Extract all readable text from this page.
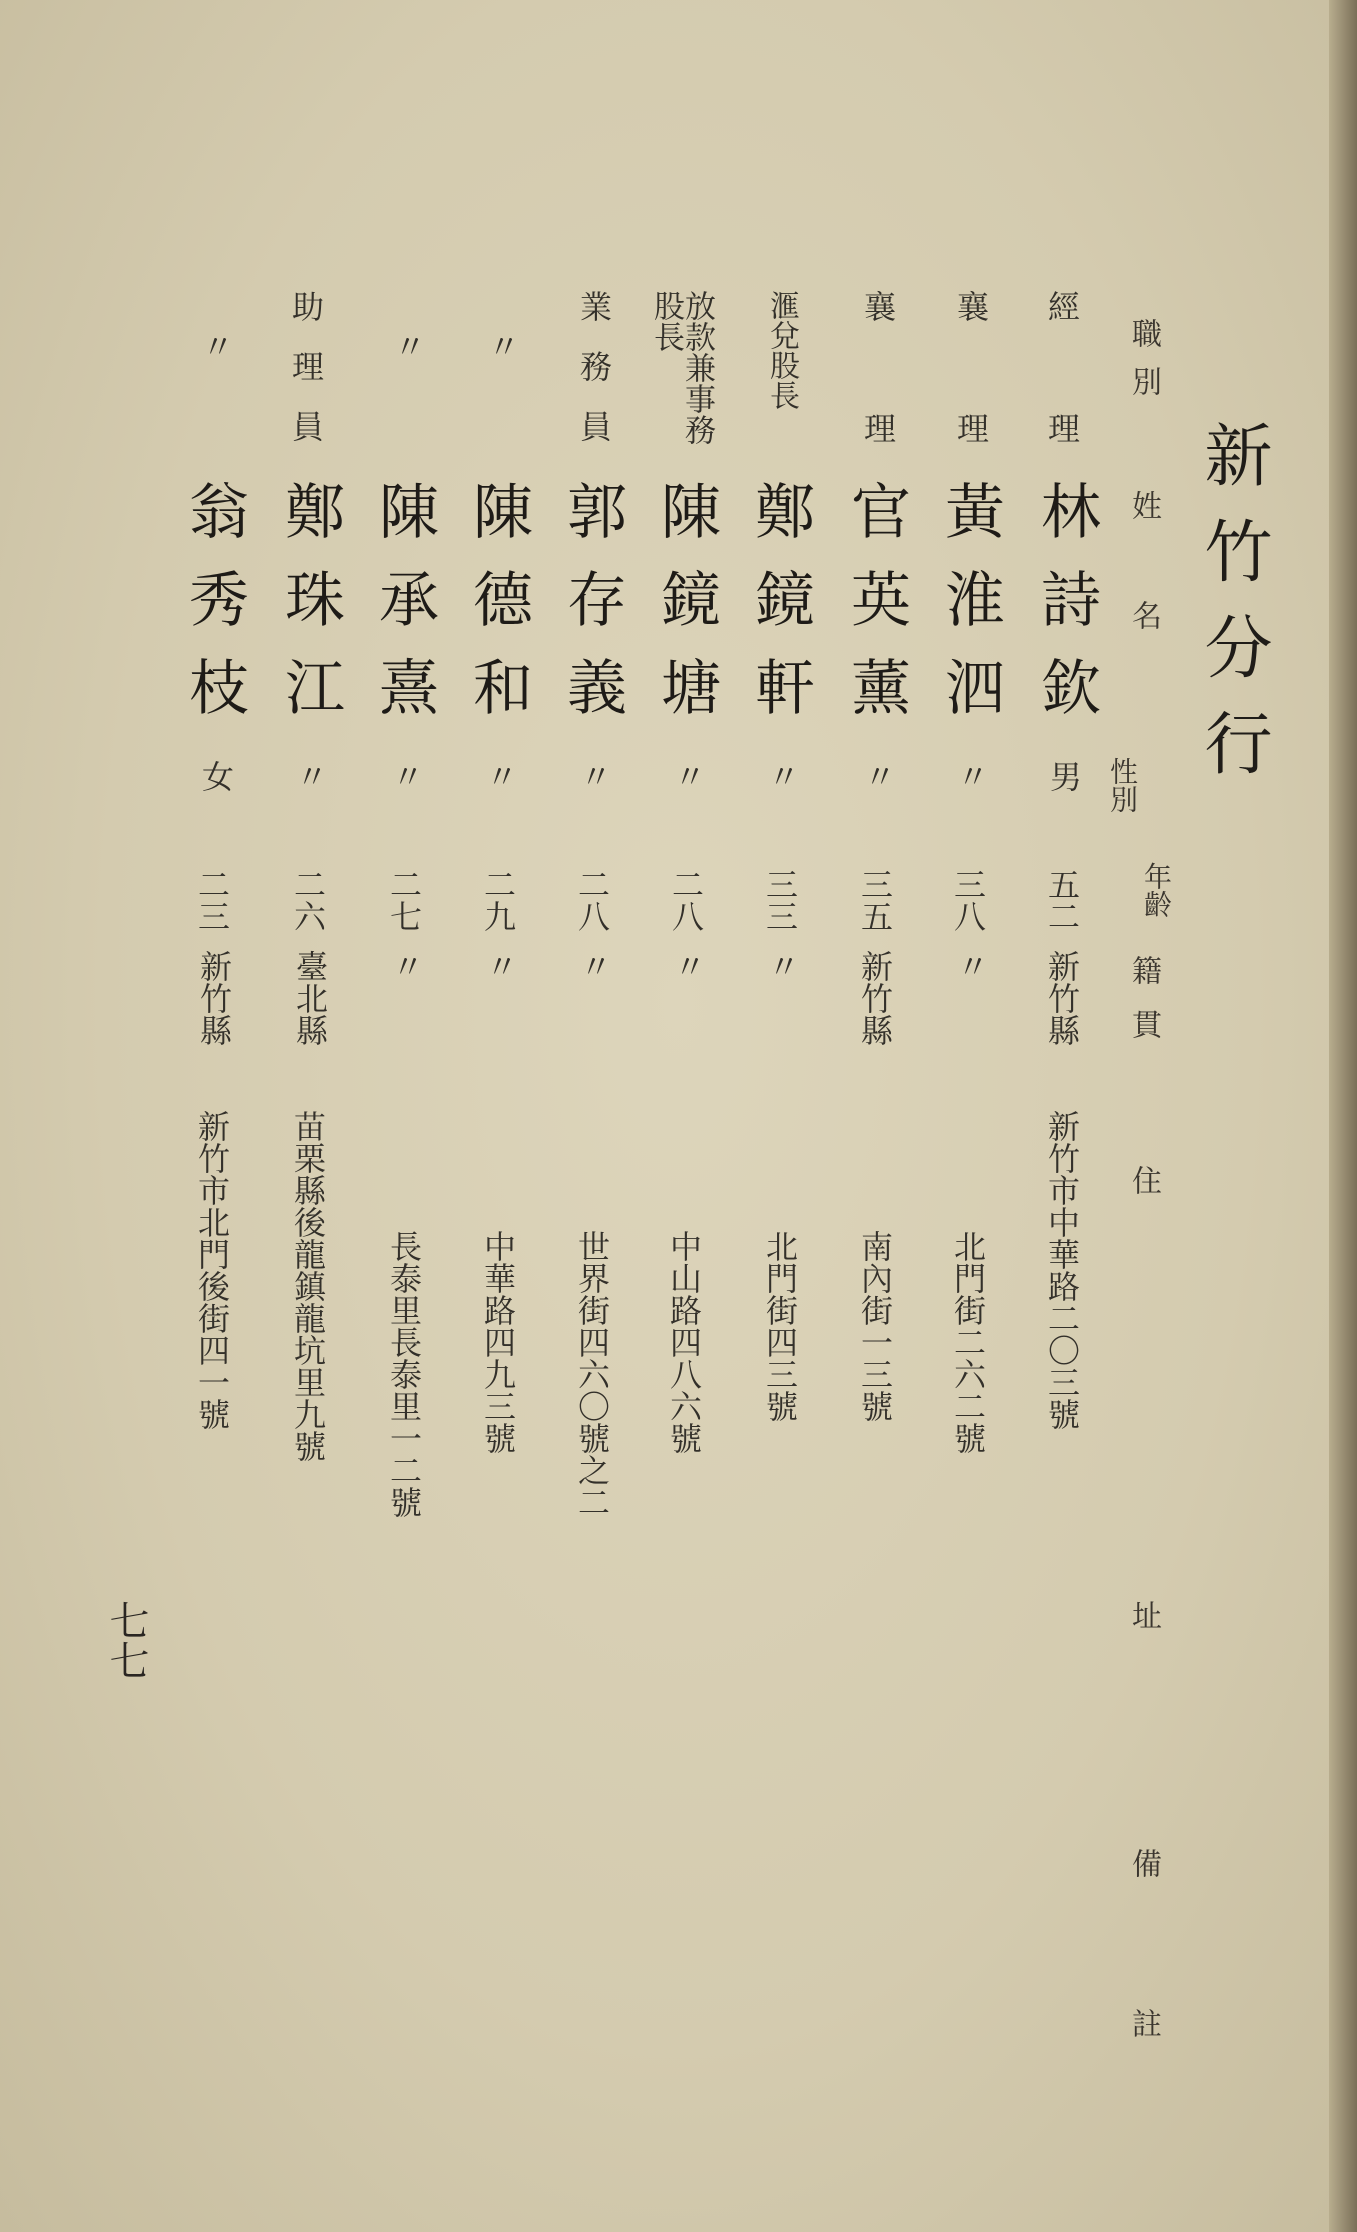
新竹分行
職別
姓名
性別
年齡
籍貫
住
址
備註
經理
林詩欽
男
五二
新竹縣
新竹市中華路二〇三號
襄理
黃淮泗
〃
三八
〃
北門街二六二號
襄理
官英薰
〃
三五
新竹縣
南內街一三號
滙兌股長
鄭鏡軒
〃
三三
〃
北門街四三號
放款兼事務股長
陳鏡塘
〃
二八
〃
中山路四八六號
業務員
郭存義
〃
二八
〃
世界街四六〇號之二
〃
陳德和
〃
二九
〃
中華路四九三號
〃
陳承熹
〃
二七
〃
長泰里長泰里一二號
助理員
鄭珠江
〃
二六
臺北縣
苗栗縣後龍鎮龍坑里九號
〃
翁秀枝
女
二三
新竹縣
新竹市北門後街四一號
七七
